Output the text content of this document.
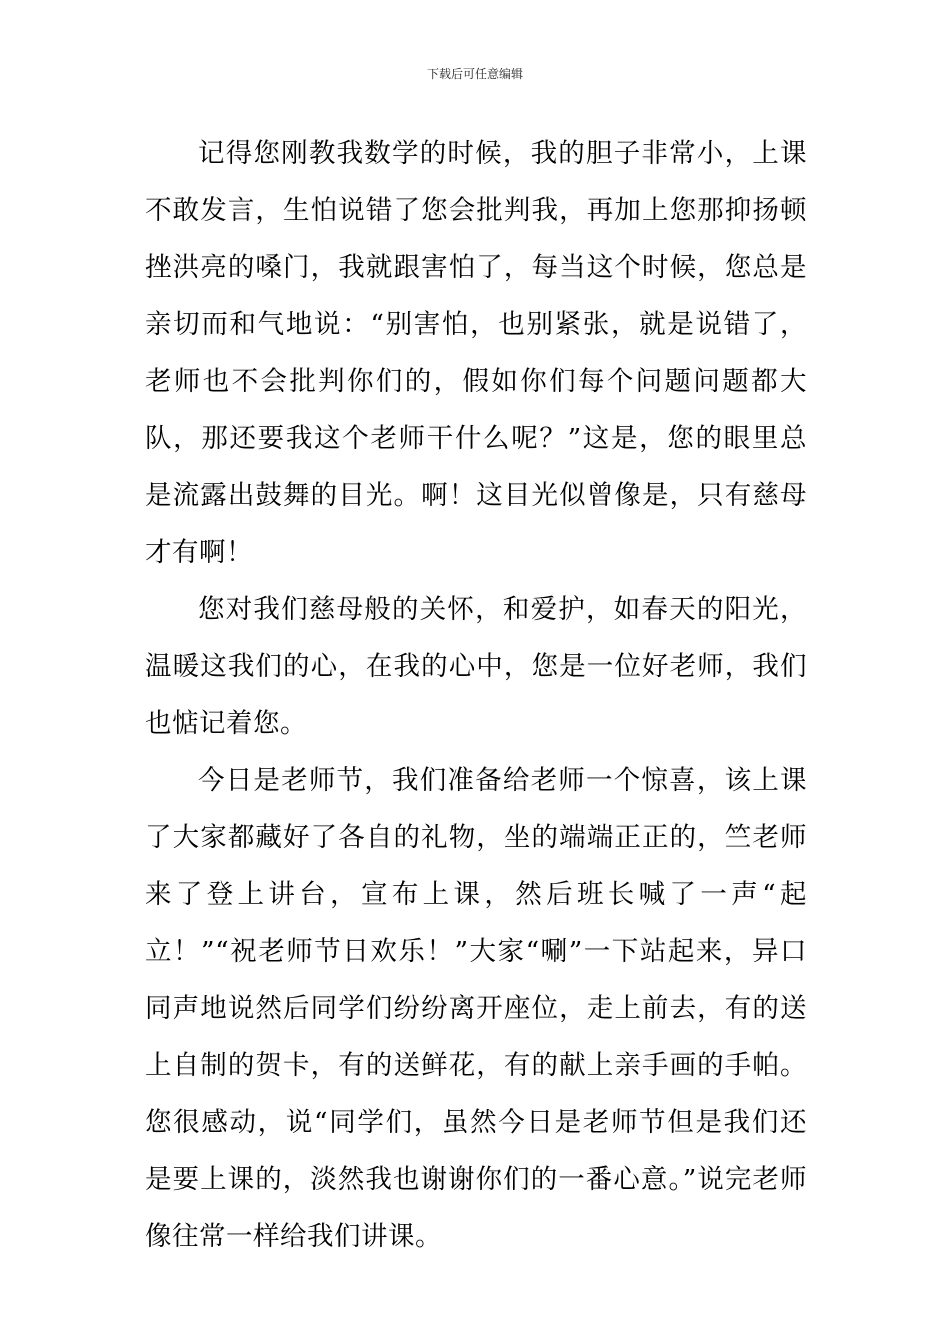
下载后可任意编辑

记得您刚教我数学的时候，我的胆子非常小，上课不敢发言，生怕说错了您会批判我，再加上您那抑扬顿挫洪亮的嗓门，我就跟害怕了，每当这个时候，您总是亲切而和气地说：“别害怕，也别紧张，就是说错了，老师也不会批判你们的，假如你们每个问题问题都大队，那还要我这个老师干什么呢？”这是，您的眼里总是流露出鼓舞的目光。啊！这目光似曾像是，只有慈母才有啊！

您对我们慈母般的关怀，和爱护，如春天的阳光，温暖这我们的心，在我的心中，您是一位好老师，我们也惦记着您。

今日是老师节，我们准备给老师一个惊喜，该上课了大家都藏好了各自的礼物，坐的端端正正的，竺老师来了登上讲台，宣布上课，然后班长喊了一声“起立！”“祝老师节日欢乐！”大家“唰”一下站起来，异口同声地说然后同学们纷纷离开座位，走上前去，有的送上自制的贺卡，有的送鲜花，有的献上亲手画的手帕。您很感动，说“同学们，虽然今日是老师节但是我们还是要上课的，淡然我也谢谢你们的一番心意。”说完老师像往常一样给我们讲课。
